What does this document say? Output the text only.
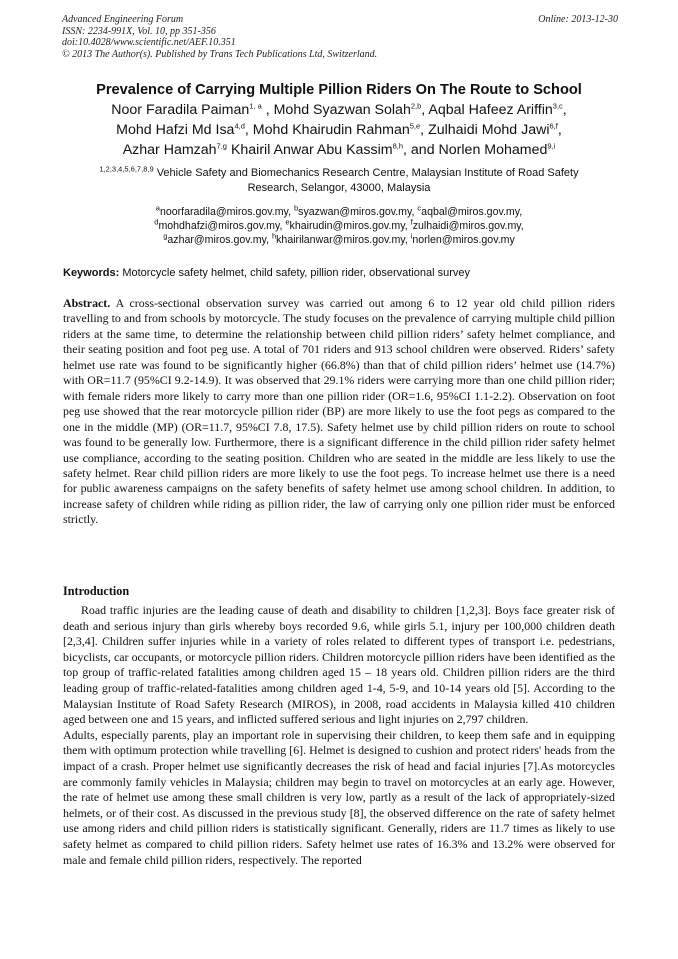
Advanced Engineering Forum	Online: 2013-12-30
ISSN: 2234-991X, Vol. 10, pp 351-356
doi:10.4028/www.scientific.net/AEF.10.351
© 2013 The Author(s). Published by Trans Tech Publications Ltd, Switzerland.
Prevalence of Carrying Multiple Pillion Riders On The Route to School
Noor Faradila Paiman$^{1, a}$ , Mohd Syazwan Solah$^{2,b}$, Aqbal Hafeez Ariffin$^{3,c}$,
Mohd Hafzi Md Isa$^{4,d}$, Mohd Khairudin Rahman$^{5,e}$, Zulhaidi Mohd Jawi$^{6,f}$,
Azhar Hamzah$^{7,g}$ Khairil Anwar Abu Kassim$^{8,h}$, and Norlen Mohamed$^{9,i}$
$^{1,2,3,4,5,6,7,8,9}$ Vehicle Safety and Biomechanics Research Centre, Malaysian Institute of Road Safety
Research, Selangor, 43000, Malaysia
$^a$noorfaradila@miros.gov.my, $^b$syazwan@miros.gov.my, $^c$aqbal@miros.gov.my,
$^d$mohdhafzi@miros.gov.my, $^e$khairudin@miros.gov.my, $^f$zulhaidi@miros.gov.my,
$^g$azhar@miros.gov.my, $^h$khairilanwar@miros.gov.my, $^i$norlen@miros.gov.my
Keywords: Motorcycle safety helmet, child safety, pillion rider, observational survey
Abstract. A cross-sectional observation survey was carried out among 6 to 12 year old child pillion riders travelling to and from schools by motorcycle. The study focuses on the prevalence of carrying multiple child pillion riders at the same time, to determine the relationship between child pillion riders’ safety helmet compliance, and their seating position and foot peg use. A total of 701 riders and 913 school children were observed. Riders’ safety helmet use rate was found to be significantly higher (66.8%) than that of child pillion riders’ helmet use (14.7%) with OR=11.7 (95%CI 9.2-14.9). It was observed that 29.1% riders were carrying more than one child pillion rider; with female riders more likely to carry more than one pillion rider (OR=1.6, 95%CI 1.1-2.2). Observation on foot peg use showed that the rear motorcycle pillion rider (BP) are more likely to use the foot pegs as compared to the one in the middle (MP) (OR=11.7, 95%CI 7.8, 17.5). Safety helmet use by child pillion riders on route to school was found to be generally low. Furthermore, there is a significant difference in the child pillion rider safety helmet use compliance, according to the seating position. Children who are seated in the middle are less likely to use the safety helmet. Rear child pillion riders are more likely to use the foot pegs. To increase helmet use there is a need for public awareness campaigns on the safety benefits of safety helmet use among school children. In addition, to increase safety of children while riding as pillion rider, the law of carrying only one pillion rider must be enforced strictly.
Introduction

Road traffic injuries are the leading cause of death and disability to children [1,2,3]. Boys face greater risk of death and serious injury than girls whereby boys recorded 9.6, while girls 5.1, injury per 100,000 children death [2,3,4]. Children suffer injuries while in a variety of roles related to different types of transport i.e. pedestrians, bicyclists, car occupants, or motorcycle pillion riders. Children motorcycle pillion riders have been identified as the top group of traffic-related fatalities among children aged 15 – 18 years old. Children pillion riders are the third leading group of traffic-related-fatalities among children aged 1-4, 5-9, and 10-14 years old [5]. According to the Malaysian Institute of Road Safety Research (MIROS), in 2008, road accidents in Malaysia killed 410 children aged between one and 15 years, and inflicted suffered serious and light injuries on 2,797 children.

Adults, especially parents, play an important role in supervising their children, to keep them safe and in equipping them with optimum protection while travelling [6]. Helmet is designed to cushion and protect riders' heads from the impact of a crash. Proper helmet use significantly decreases the risk of head and facial injuries [7].As motorcycles are commonly family vehicles in Malaysia; children may begin to travel on motorcycles at an early age. However, the rate of helmet use among these small children is very low, partly as a result of the lack of appropriately-sized helmets, or of their cost. As discussed in the previous study [8], the observed difference on the rate of safety helmet use among riders and child pillion riders is statistically significant. Generally, riders are 11.7 times as likely to use safety helmet as compared to child pillion riders. Safety helmet use rates of 16.3% and 13.2% were observed for male and female child pillion riders, respectively. The reported
